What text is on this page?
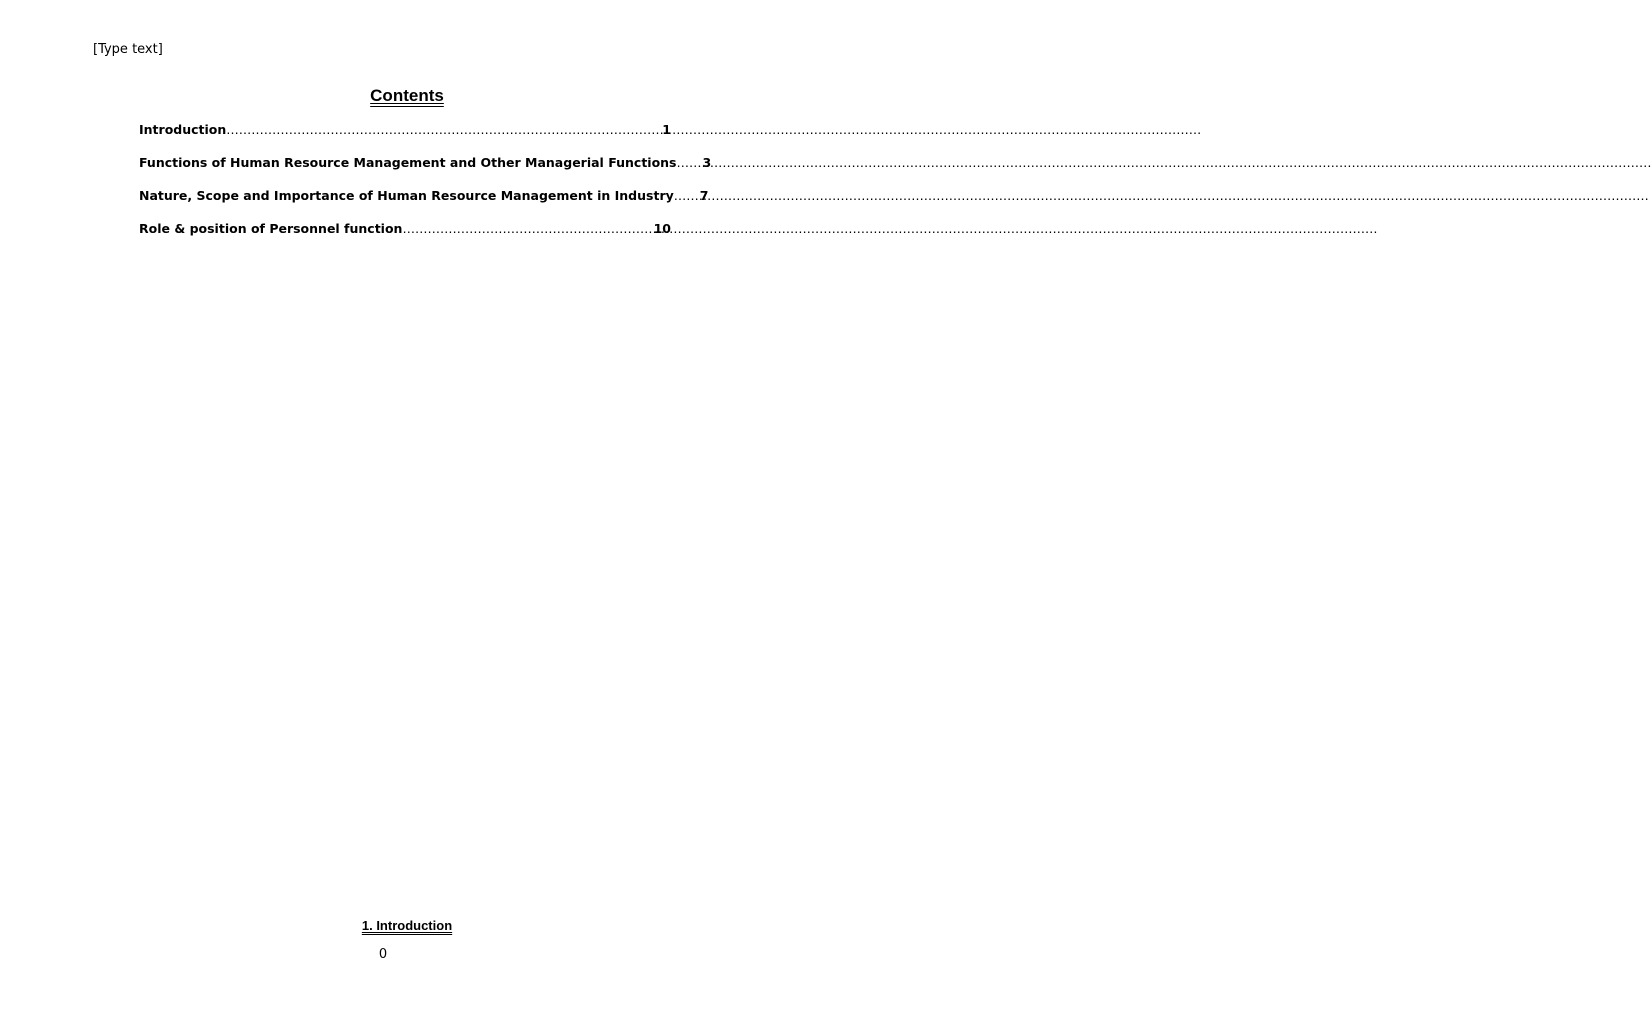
[Type text]
Contents
Introduction ………………………………………………………………………………………………………………………………………………………………………………………………………………	1
Functions of Human Resource Management and Other Managerial Functions ………………………………………………………………………………………………………………………………………………………………………………………………………………	3
Nature, Scope and Importance of Human Resource Management in Industry ………………………………………………………………………………………………………………………………………………………………………………………………………………	7
Role & position of Personnel function ………………………………………………………………………………………………………………………………………………………………………………………………………………	10
1. Introduction
0
